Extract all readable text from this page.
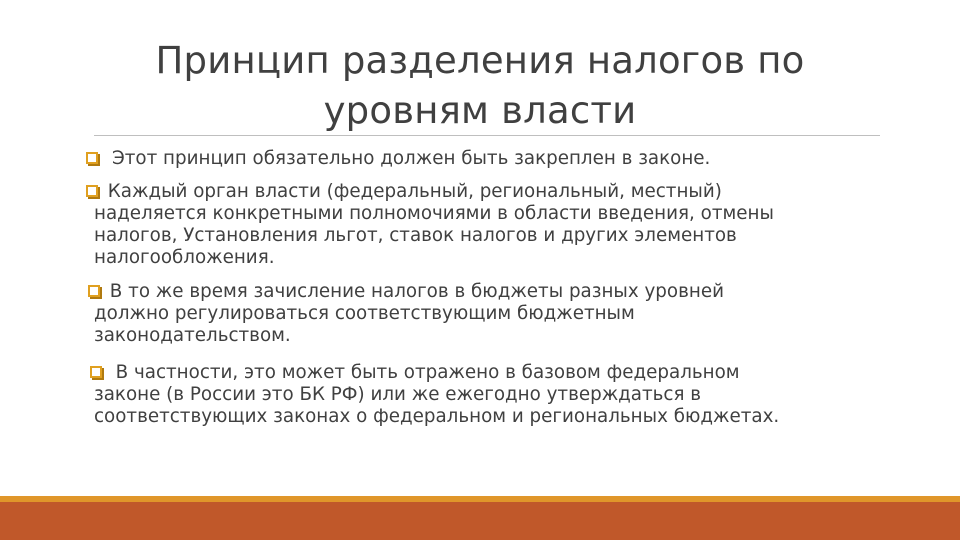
Принцип разделения налогов по
уровням власти
Этот принцип обязательно должен быть закреплен в законе.
Каждый орган власти (федеральный, региональный, местный)
наделяется конкретными полномочиями в области введения, отмены
налогов, Установления льгот, ставок налогов и других элементов
налогообложения.
В то же время зачисление налогов в бюджеты разных уровней
должно регулироваться соответствующим бюджетным
законодательством.
В частности, это может быть отражено в базовом федеральном
законе (в России это БК РФ) или же ежегодно утверждаться в
соответствующих законах о федеральном и региональных бюджетах.
